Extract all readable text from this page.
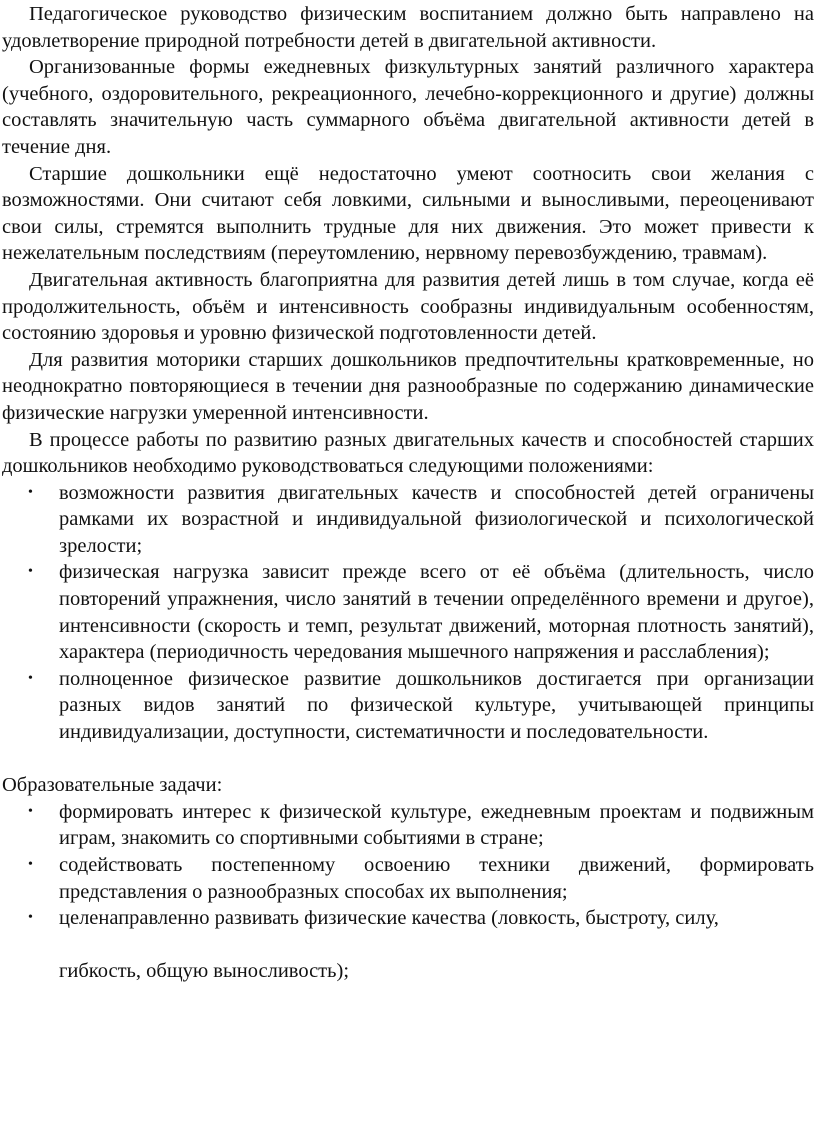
Педагогическое руководство физическим воспитанием должно быть направлено на удовлетворение природной потребности детей в двигательной активности.

Организованные формы ежедневных физкультурных занятий различного характера (учебного, оздоровительного, рекреационного, лечебно-коррекционного и другие) должны составлять значительную часть суммарного объёма двигательной активности детей в течение дня.

Старшие дошкольники ещё недостаточно умеют соотносить свои желания с возможностями. Они считают себя ловкими, сильными и выносливыми, переоценивают свои силы, стремятся выполнить трудные для них движения. Это может привести к нежелательным последствиям (переутомлению, нервному перевозбуждению, травмам).

Двигательная активность благоприятна для развития детей лишь в том случае, когда её продолжительность, объём и интенсивность сообразны индивидуальным особенностям, состоянию здоровья и уровню физической подготовленности детей.

Для развития моторики старших дошкольников предпочтительны кратковременные, но неоднократно повторяющиеся в течении дня разнообразные по содержанию динамические физические нагрузки умеренной интенсивности.

В процессе работы по развитию разных двигательных качеств и способностей старших дошкольников необходимо руководствоваться следующими положениями:

• возможности развития двигательных качеств и способностей детей ограничены рамками их возрастной и индивидуальной физиологической и психологической зрелости;
• физическая нагрузка зависит прежде всего от её объёма (длительность, число повторений упражнения, число занятий в течении определённого времени и другое), интенсивности (скорость и темп, результат движений, моторная плотность занятий), характера (периодичность чередования мышечного напряжения и расслабления);
• полноценное физическое развитие дошкольников достигается при организации разных видов занятий по физической культуре, учитывающей принципы индивидуализации, доступности, систематичности и последовательности.

Образовательные задачи:

• формировать интерес к физической культуре, ежедневным проектам и подвижным играм, знакомить со спортивными событиями в стране;
• содействовать постепенному освоению техники движений, формировать представления о разнообразных способах их выполнения;
• целенаправленно развивать физические качества (ловкость, быстроту, силу,
гибкость, общую выносливость);
